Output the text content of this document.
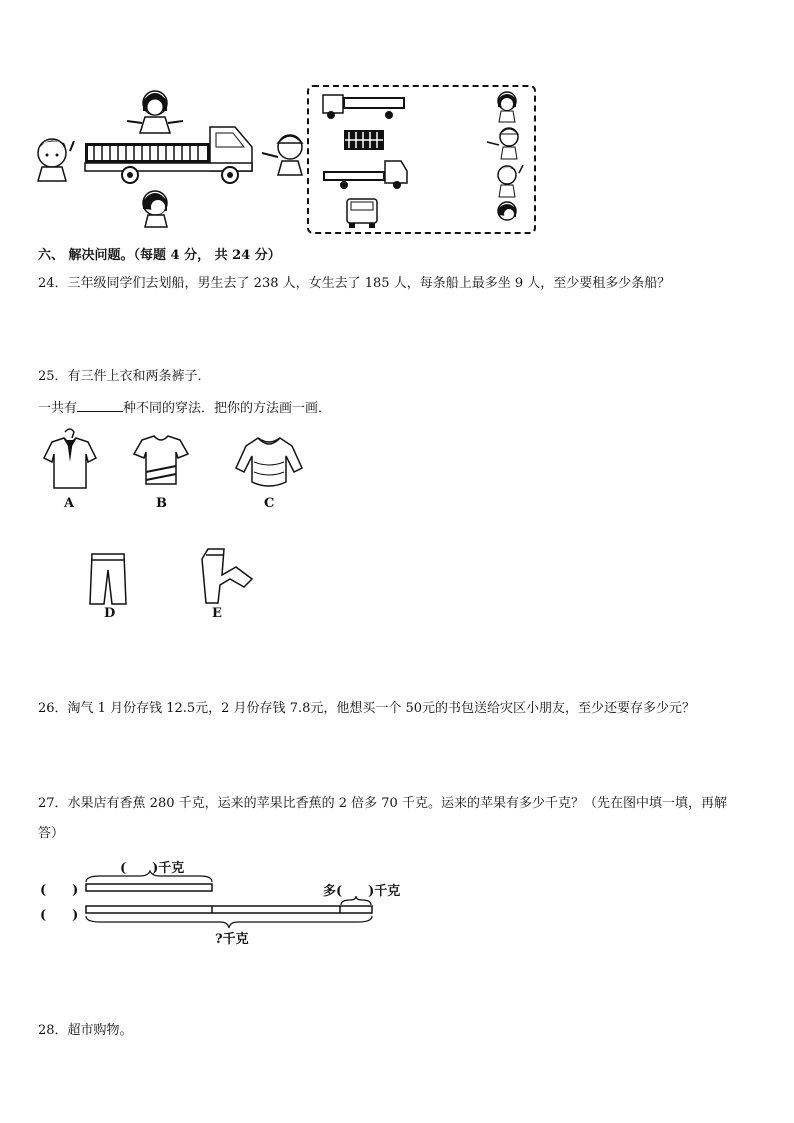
六、 解决问题。（每题 4 分， 共 24 分）
24．三年级同学们去划船，男生去了 238 人，女生去了 185 人，每条船上最多坐 9 人，至少要租多少条船？
25．有三件上衣和两条裤子．
一共有	种不同的穿法．把你的方法画一画．
A	B	C
D	E
26．淘气 1 月份存钱 12.5元，2 月份存钱 7.8元，他想买一个 50元的书包送给灾区小朋友，至少还要存多少元？
27．水果店有香蕉 280 千克，运来的苹果比香蕉的 2 倍多 70 千克。运来的苹果有多少千克？（先在图中填一填，再解
答）
(　　)千克
(　　)
(　　)
多(　　)千克
?千克
28．超市购物。
